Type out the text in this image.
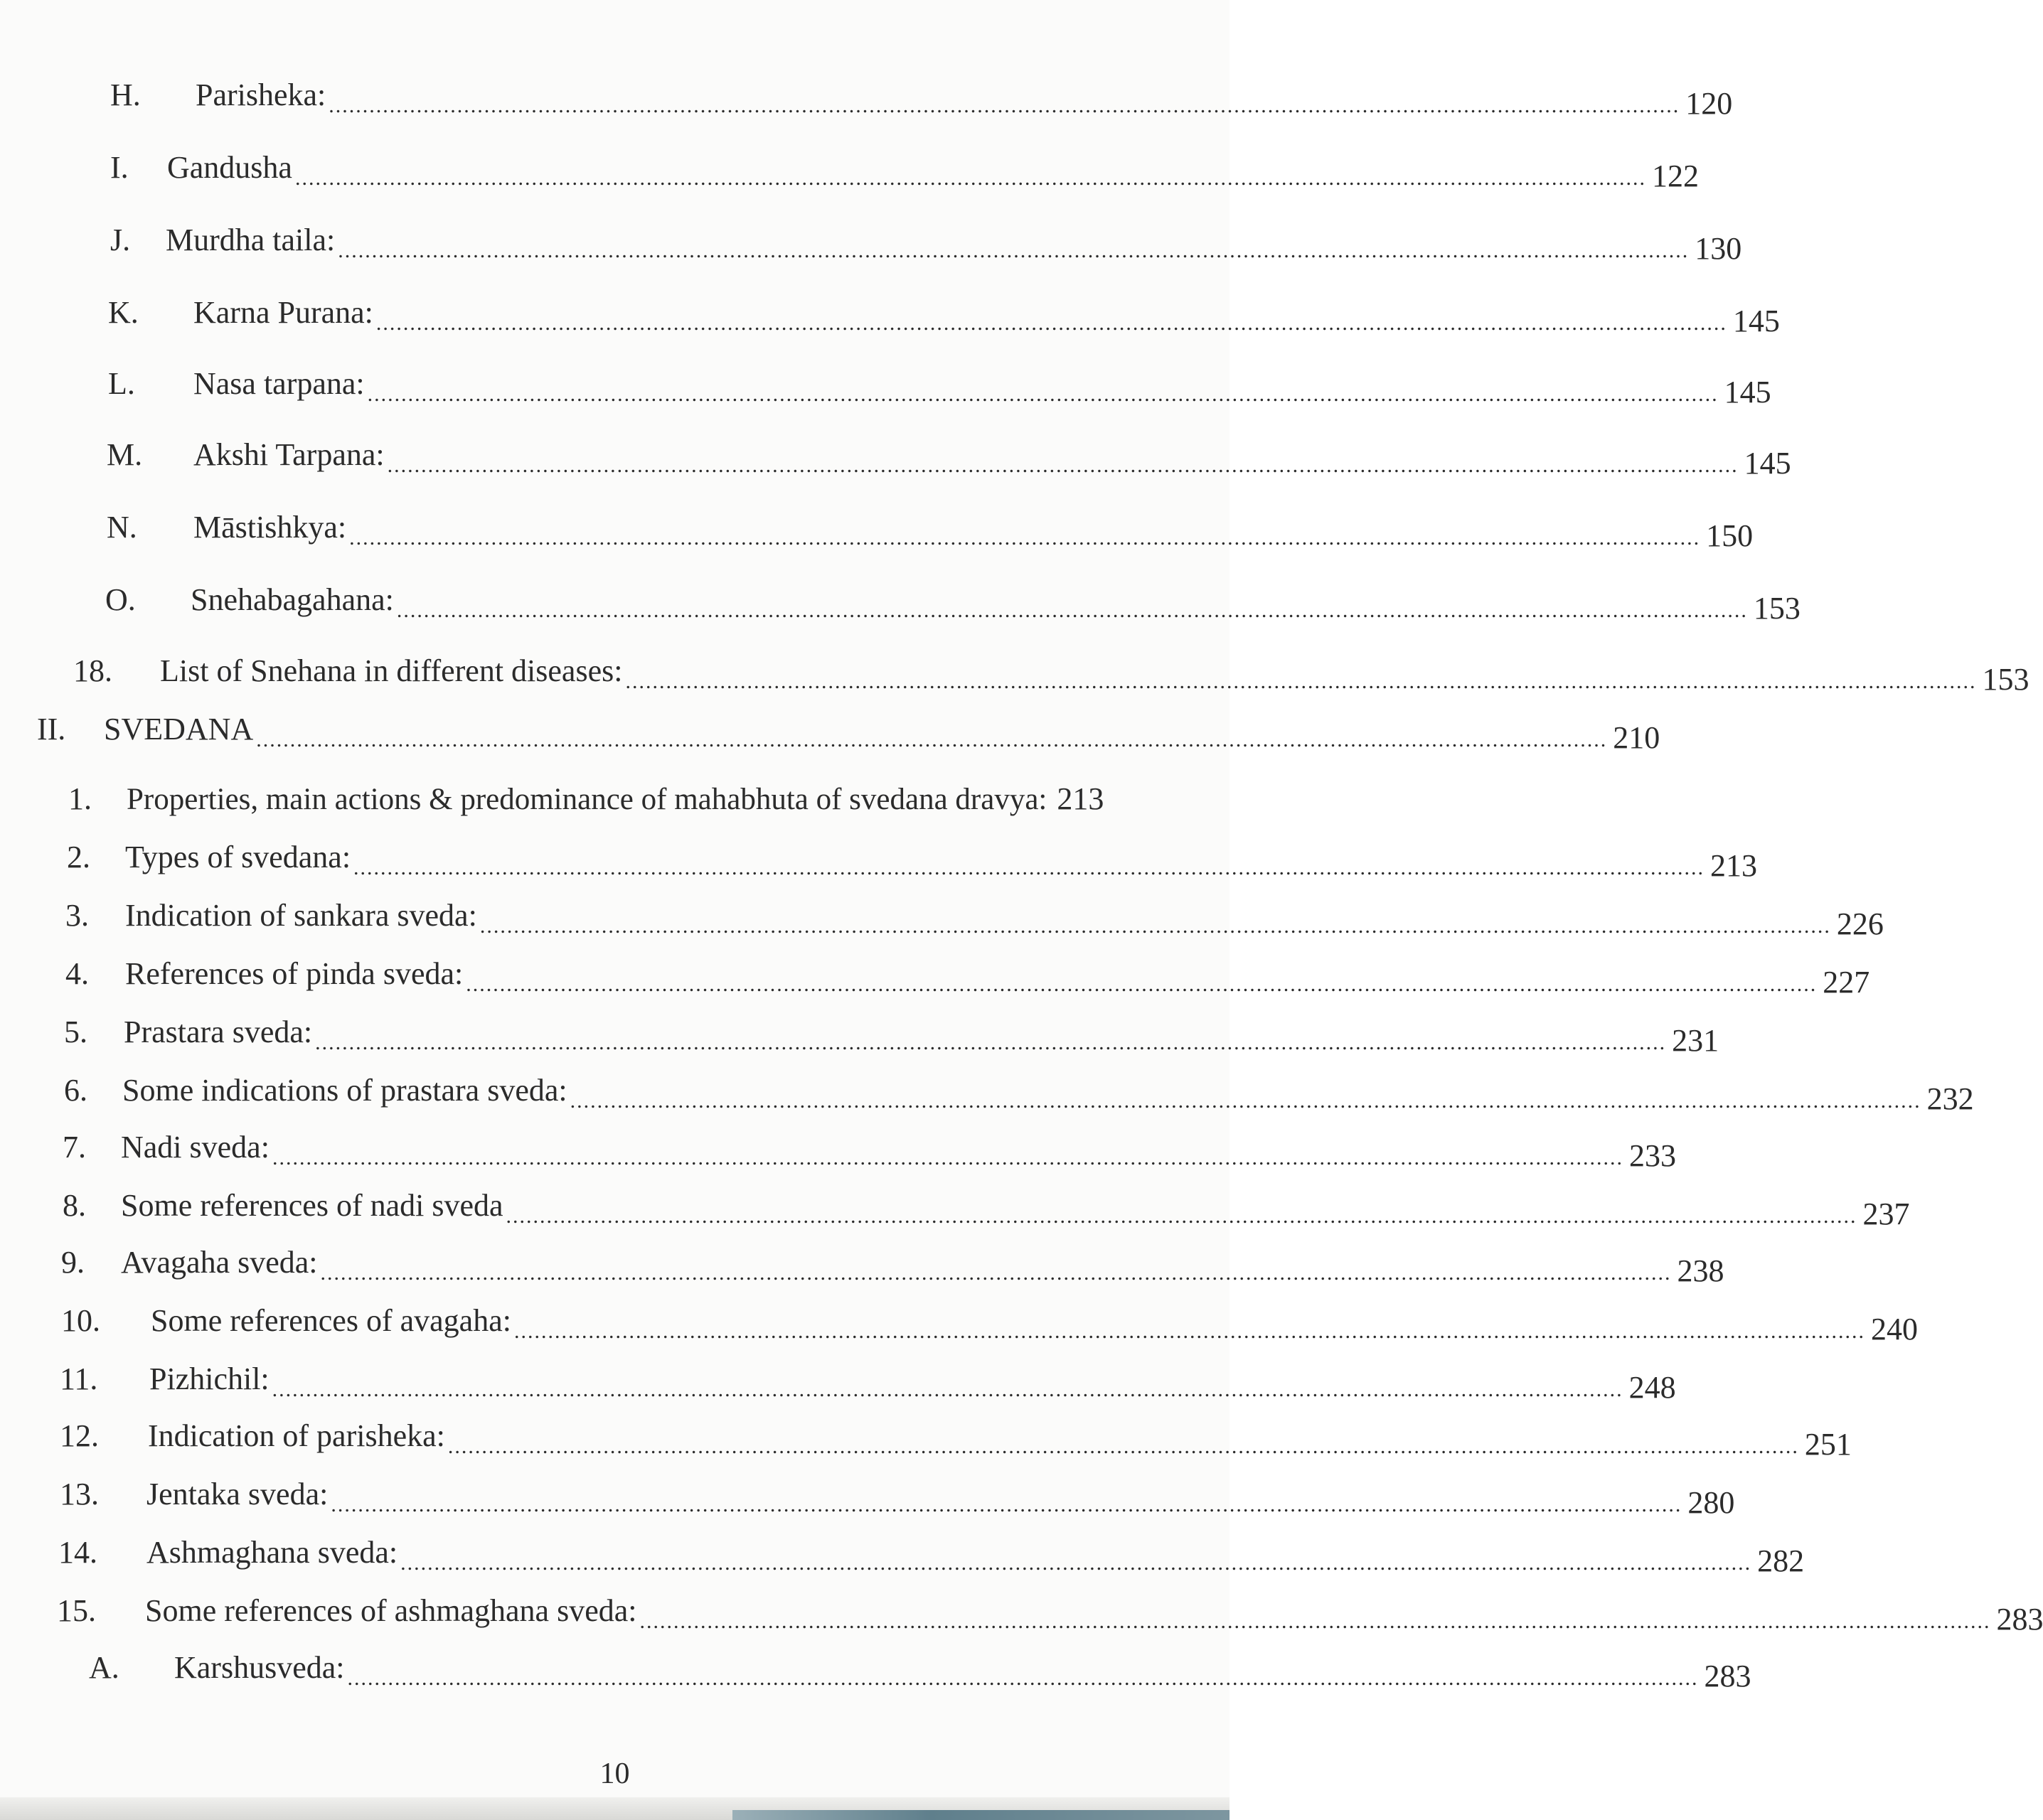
H.	Parisheka: ........................................................................................................................................................................................................ 120
I.	Gandusha ........................................................................................................................................................................................................ 122
J.	Murdha taila: ........................................................................................................................................................................................................ 130
K.	Karna Purana: ........................................................................................................................................................................................................ 145
L.	Nasa tarpana: ........................................................................................................................................................................................................ 145
M.	Akshi Tarpana: ........................................................................................................................................................................................................ 145
N.	Māstishkya: ........................................................................................................................................................................................................ 150
O.	Snehabagahana: ........................................................................................................................................................................................................ 153
18.	List of Snehana in different diseases: ........................................................................................................................................................................................................ 153
II.	SVEDANA ........................................................................................................................................................................................................ 210
1.	Properties, main actions & predominance of mahabhuta of svedana dravya: 213
2.	Types of svedana: ........................................................................................................................................................................................................ 213
3.	Indication of sankara sveda: ........................................................................................................................................................................................................ 226
4.	References of pinda sveda: ........................................................................................................................................................................................................ 227
5.	Prastara sveda: ........................................................................................................................................................................................................ 231
6.	Some indications of prastara sveda: ........................................................................................................................................................................................................ 232
7.	Nadi sveda: ........................................................................................................................................................................................................ 233
8.	Some references of nadi sveda ........................................................................................................................................................................................................ 237
9.	Avagaha sveda: ........................................................................................................................................................................................................ 238
10.	Some references of avagaha: ........................................................................................................................................................................................................ 240
11.	Pizhichil: ........................................................................................................................................................................................................ 248
12.	Indication of parisheka: ........................................................................................................................................................................................................ 251
13.	Jentaka sveda: ........................................................................................................................................................................................................ 280
14.	Ashmaghana sveda: ........................................................................................................................................................................................................ 282
15.	Some references of ashmaghana sveda: ........................................................................................................................................................................................................ 283
A.	Karshusveda: ........................................................................................................................................................................................................ 283
10
